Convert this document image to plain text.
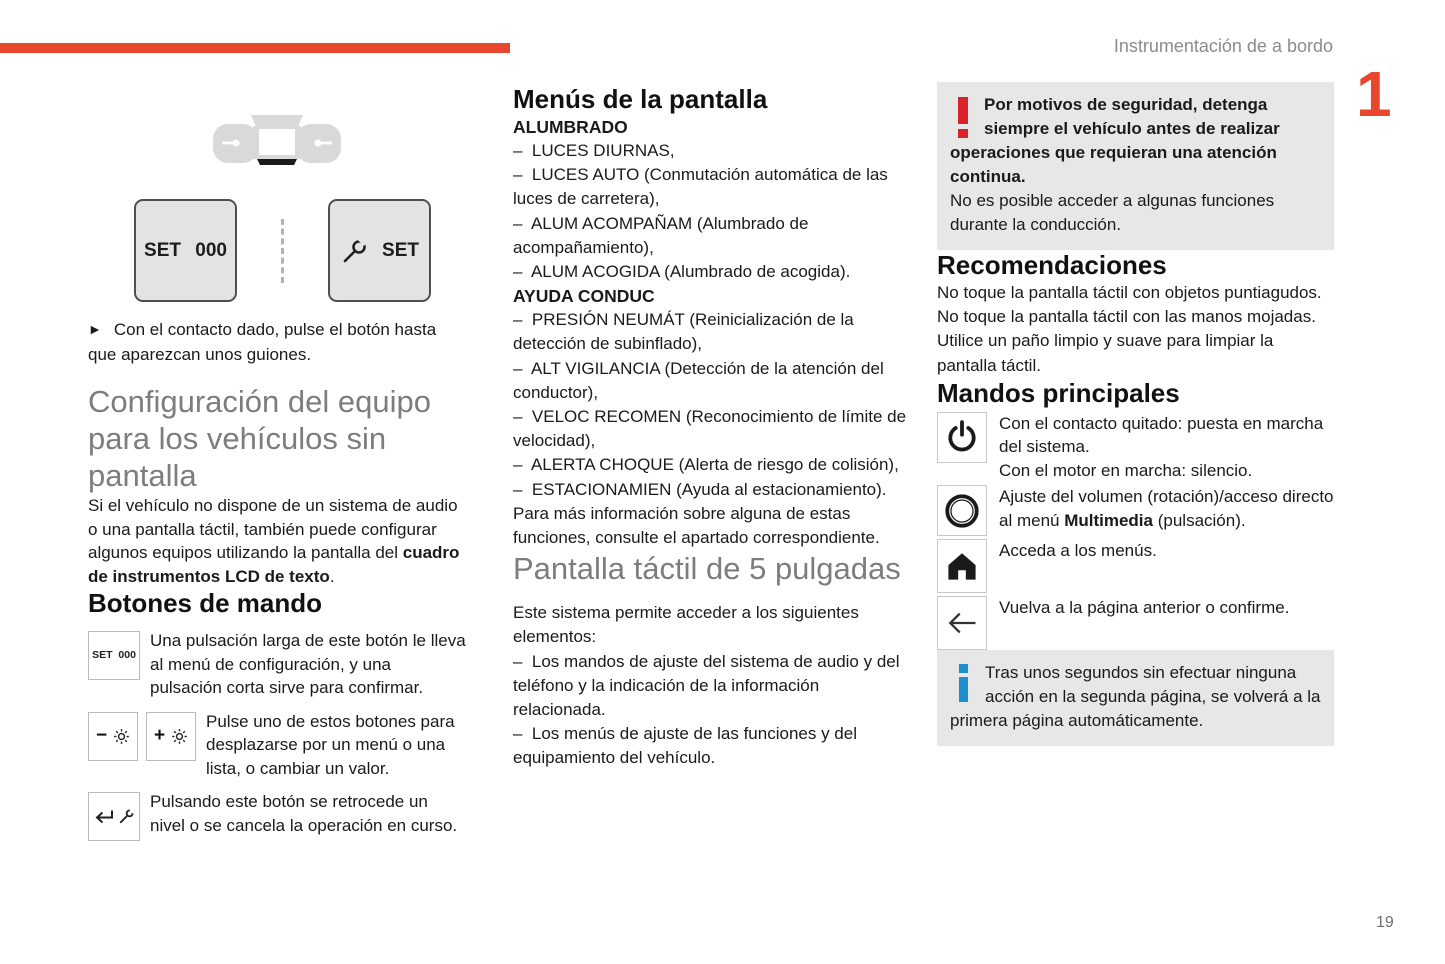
Instrumentación de a bordo
1
SET 000	SET

► Con el contacto dado, pulse el botón hasta que aparezcan unos guiones.

Configuración del equipo para los vehículos sin pantalla

Si el vehículo no dispone de un sistema de audio o una pantalla táctil, también puede configurar algunos equipos utilizando la pantalla del cuadro de instrumentos LCD de texto.

Botones de mando
SET 000
Una pulsación larga de este botón le lleva al menú de configuración, y una pulsación corta sirve para confirmar.
− +
Pulse uno de estos botones para desplazarse por un menú o una lista, o cambiar un valor.
Pulsando este botón se retrocede un nivel o se cancela la operación en curso.
Menús de la pantalla

ALUMBRADO

–  LUCES DIURNAS,

–  LUCES AUTO (Conmutación automática de las luces de carretera),

–  ALUM ACOMPAÑAM (Alumbrado de acompañamiento),

–  ALUM ACOGIDA (Alumbrado de acogida).

AYUDA CONDUC

–  PRESIÓN NEUMÁT (Reinicialización de la detección de subinflado),

–  ALT VIGILANCIA (Detección de la atención del conductor),

–  VELOC RECOMEN (Reconocimiento de límite de velocidad),

–  ALERTA CHOQUE (Alerta de riesgo de colisión),

–  ESTACIONAMIEN (Ayuda al estacionamiento).

Para más información sobre alguna de estas funciones, consulte el apartado correspondiente.

Pantalla táctil de 5 pulgadas

Este sistema permite acceder a los siguientes elementos:

–  Los mandos de ajuste del sistema de audio y del teléfono y la indicación de la información relacionada.

–  Los menús de ajuste de las funciones y del equipamiento del vehículo.

Por motivos de seguridad, detenga siempre el vehículo antes de realizar operaciones que requieran una atención continua.
No es posible acceder a algunas funciones durante la conducción.
Recomendaciones

No toque la pantalla táctil con objetos puntiagudos.

No toque la pantalla táctil con las manos mojadas.

Utilice un paño limpio y suave para limpiar la pantalla táctil.

Mandos principales
Con el contacto quitado: puesta en marcha del sistema.
Con el motor en marcha: silencio.
Ajuste del volumen (rotación)/acceso directo al menú Multimedia (pulsación).
Acceda a los menús.
Vuelva a la página anterior o confirme.
Tras unos segundos sin efectuar ninguna acción en la segunda página, se volverá a la primera página automáticamente.
19
